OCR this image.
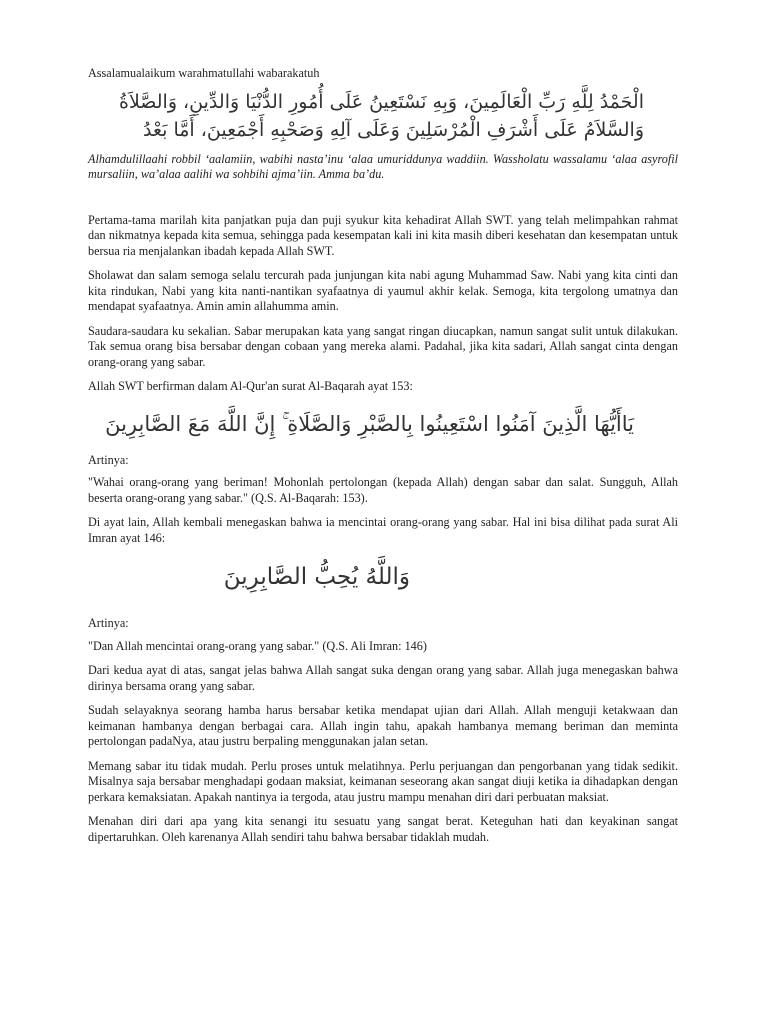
Assalamualaikum warahmatullahi wabarakatuh

الْحَمْدُ لِلَّهِ رَبِّ الْعَالَمِينَ، وَبِهِ نَسْتَعِينُ عَلَى أُمُورِ الدُّنْيَا وَالدِّينِ، وَالصَّلاَةُ وَالسَّلاَمُ عَلَى أَشْرَفِ الْمُرْسَلِينَ وَعَلَى آلِهِ وَصَحْبِهِ أَجْمَعِينَ، أَمَّا بَعْدُ

Alhamdulillaahi robbil ‘aalamiin, wabihi nasta’inu ‘alaa umuriddunya waddiin. Wassholatu wassalamu ‘alaa asyrofil mursaliin, wa’alaa aalihi wa sohbihi ajma’iin. Amma ba’du.

Pertama-tama marilah kita panjatkan puja dan puji syukur kita kehadirat Allah SWT. yang telah melimpahkan rahmat dan nikmatnya kepada kita semua, sehingga pada kesempatan kali ini kita masih diberi kesehatan dan kesempatan untuk bersua ria menjalankan ibadah kepada Allah SWT.

Sholawat dan salam semoga selalu tercurah pada junjungan kita nabi agung Muhammad Saw. Nabi yang kita cinti dan kita rindukan, Nabi yang kita nanti-nantikan syafaatnya di yaumul akhir kelak. Semoga, kita tergolong umatnya dan mendapat syafaatnya. Amin amin allahumma amin.

Saudara-saudara ku sekalian. Sabar merupakan kata yang sangat ringan diucapkan, namun sangat sulit untuk dilakukan. Tak semua orang bisa bersabar dengan cobaan yang mereka alami. Padahal, jika kita sadari, Allah sangat cinta dengan orang-orang yang sabar.

Allah SWT berfirman dalam Al-Qur'an surat Al-Baqarah ayat 153:

يَاأَيُّهَا الَّذِينَ آمَنُوا اسْتَعِينُوا بِالصَّبْرِ وَالصَّلَاةِ ۚ إِنَّ اللَّهَ مَعَ الصَّابِرِينَ

Artinya:

"Wahai orang-orang yang beriman! Mohonlah pertolongan (kepada Allah) dengan sabar dan salat. Sungguh, Allah beserta orang-orang yang sabar." (Q.S. Al-Baqarah: 153).

Di ayat lain, Allah kembali menegaskan bahwa ia mencintai orang-orang yang sabar. Hal ini bisa dilihat pada surat Ali Imran ayat 146:

وَاللَّهُ يُحِبُّ الصَّابِرِينَ

Artinya:

"Dan Allah mencintai orang-orang yang sabar." (Q.S. Ali Imran: 146)

Dari kedua ayat di atas, sangat jelas bahwa Allah sangat suka dengan orang yang sabar. Allah juga menegaskan bahwa dirinya bersama orang yang sabar.

Sudah selayaknya seorang hamba harus bersabar ketika mendapat ujian dari Allah. Allah menguji ketakwaan dan keimanan hambanya dengan berbagai cara. Allah ingin tahu, apakah hambanya memang beriman dan meminta pertolongan padaNya, atau justru berpaling menggunakan jalan setan.

Memang sabar itu tidak mudah. Perlu proses untuk melatihnya. Perlu perjuangan dan pengorbanan yang tidak sedikit. Misalnya saja bersabar menghadapi godaan maksiat, keimanan seseorang akan sangat diuji ketika ia dihadapkan dengan perkara kemaksiatan. Apakah nantinya ia tergoda, atau justru mampu menahan diri dari perbuatan maksiat.

Menahan diri dari apa yang kita senangi itu sesuatu yang sangat berat. Keteguhan hati dan keyakinan sangat dipertaruhkan. Oleh karenanya Allah sendiri tahu bahwa bersabar tidaklah mudah.
